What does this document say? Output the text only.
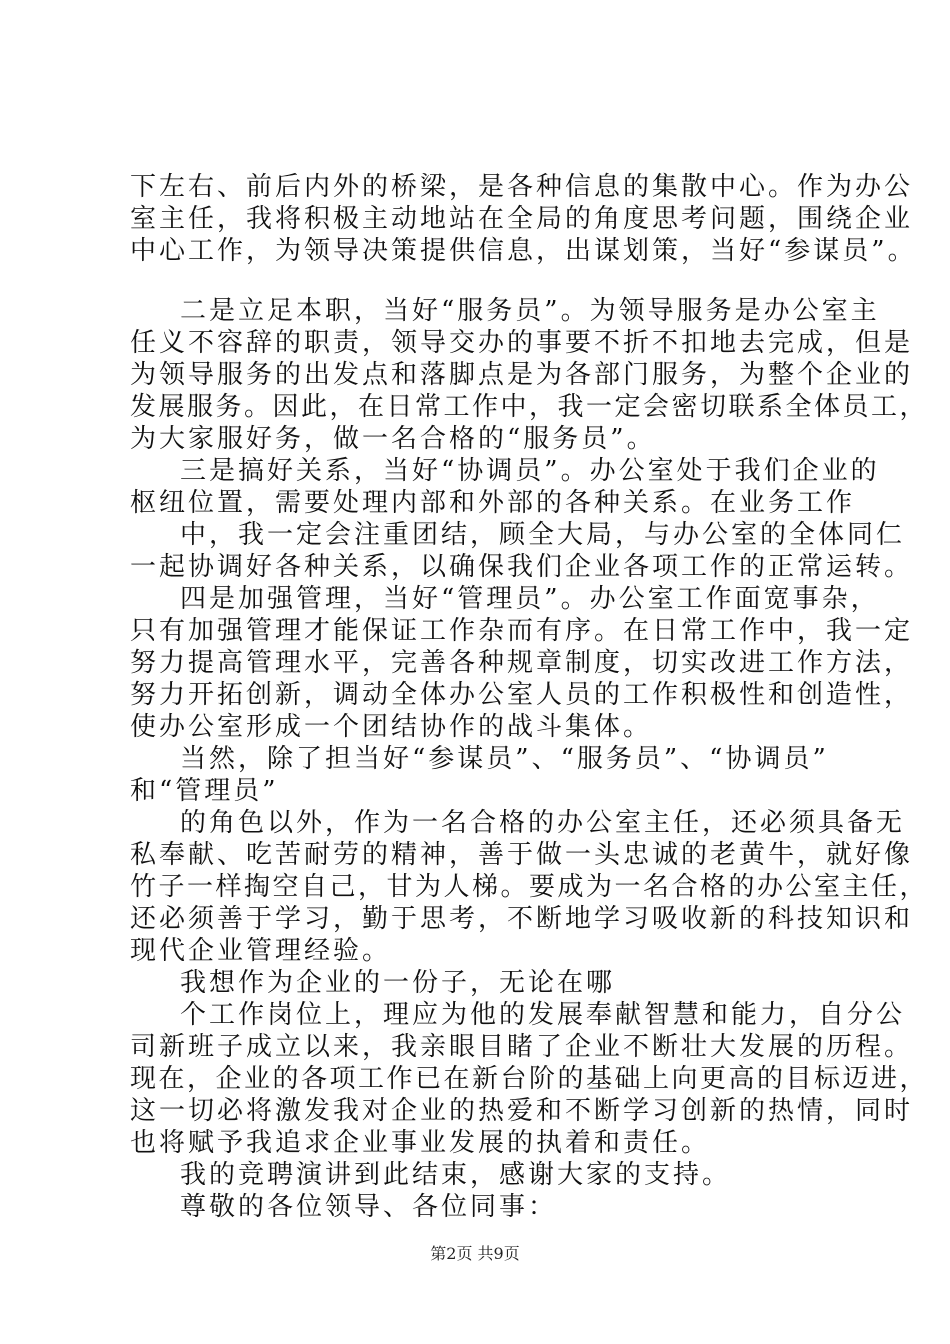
下左右、前后内外的桥梁，是各种信息的集散中心。作为办公
室主任，我将积极主动地站在全局的角度思考问题，围绕企业
中心工作，为领导决策提供信息，出谋划策，当好“参谋员”。
二是立足本职，当好“服务员”。为领导服务是办公室主
任义不容辞的职责，领导交办的事要不折不扣地去完成，但是
为领导服务的出发点和落脚点是为各部门服务，为整个企业的
发展服务。因此，在日常工作中，我一定会密切联系全体员工，
为大家服好务，做一名合格的“服务员”。
三是搞好关系，当好“协调员”。办公室处于我们企业的
枢纽位置，需要处理内部和外部的各种关系。在业务工作
中，我一定会注重团结，顾全大局，与办公室的全体同仁
一起协调好各种关系，以确保我们企业各项工作的正常运转。
四是加强管理，当好“管理员”。办公室工作面宽事杂，
只有加强管理才能保证工作杂而有序。在日常工作中，我一定
努力提高管理水平，完善各种规章制度，切实改进工作方法，
努力开拓创新，调动全体办公室人员的工作积极性和创造性，
使办公室形成一个团结协作的战斗集体。
当然，除了担当好“参谋员”、“服务员”、“协调员”
和“管理员”
的角色以外，作为一名合格的办公室主任，还必须具备无
私奉献、吃苦耐劳的精神，善于做一头忠诚的老黄牛，就好像
竹子一样掏空自己，甘为人梯。要成为一名合格的办公室主任，
还必须善于学习，勤于思考，不断地学习吸收新的科技知识和
现代企业管理经验。
我想作为企业的一份子，无论在哪
个工作岗位上，理应为他的发展奉献智慧和能力，自分公
司新班子成立以来，我亲眼目睹了企业不断壮大发展的历程。
现在，企业的各项工作已在新台阶的基础上向更高的目标迈进，
这一切必将激发我对企业的热爱和不断学习创新的热情，同时
也将赋予我追求企业事业发展的执着和责任。
我的竞聘演讲到此结束，感谢大家的支持。
尊敬的各位领导、各位同事：
第2页 共9页
